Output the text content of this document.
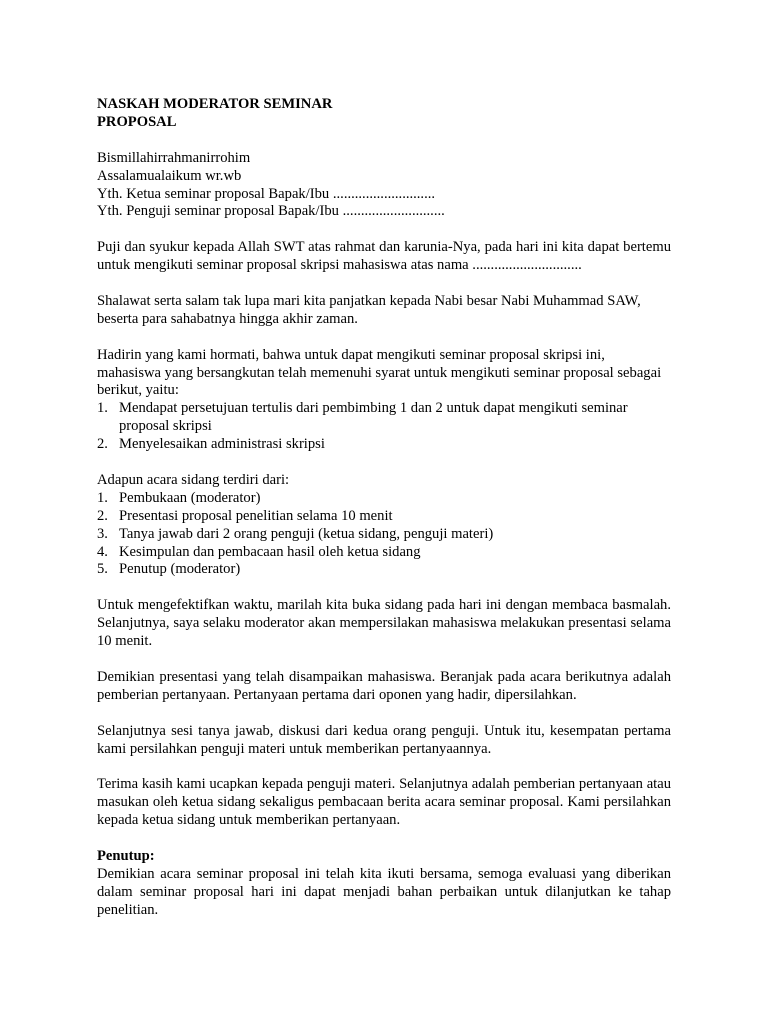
NASKAH MODERATOR SEMINAR

PROPOSAL

Bismillahirrahmanirrohim

Assalamualaikum wr.wb

Yth. Ketua seminar proposal Bapak/Ibu ............................

Yth. Penguji seminar proposal Bapak/Ibu ............................

Puji dan syukur kepada Allah SWT atas rahmat dan karunia-Nya, pada hari ini kita dapat bertemu untuk mengikuti seminar proposal skripsi mahasiswa atas nama ..............................

Shalawat serta salam tak lupa mari kita panjatkan kepada Nabi besar Nabi Muhammad SAW, beserta para sahabatnya hingga akhir zaman.

Hadirin yang kami hormati, bahwa untuk dapat mengikuti seminar proposal skripsi ini, mahasiswa yang bersangkutan telah memenuhi syarat untuk mengikuti seminar proposal sebagai berikut, yaitu:

1. Mendapat persetujuan tertulis dari pembimbing 1 dan 2 untuk dapat mengikuti seminar proposal skripsi
2. Menyelesaikan administrasi skripsi

Adapun acara sidang terdiri dari:

1. Pembukaan (moderator)
2. Presentasi proposal penelitian selama 10 menit
3. Tanya jawab dari 2 orang penguji (ketua sidang, penguji materi)
4. Kesimpulan dan pembacaan hasil oleh ketua sidang
5. Penutup (moderator)

Untuk mengefektifkan waktu, marilah kita buka sidang pada hari ini dengan membaca basmalah. Selanjutnya, saya selaku moderator akan mempersilakan mahasiswa melakukan presentasi selama 10 menit.

Demikian presentasi yang telah disampaikan mahasiswa. Beranjak pada acara berikutnya adalah pemberian pertanyaan. Pertanyaan pertama dari oponen yang hadir, dipersilahkan.

Selanjutnya sesi tanya jawab, diskusi dari kedua orang penguji. Untuk itu, kesempatan pertama kami persilahkan penguji materi untuk memberikan pertanyaannya.

Terima kasih kami ucapkan kepada penguji materi. Selanjutnya adalah pemberian pertanyaan atau masukan oleh ketua sidang sekaligus pembacaan berita acara seminar proposal. Kami persilahkan kepada ketua sidang untuk memberikan pertanyaan.

Penutup:

Demikian acara seminar proposal ini telah kita ikuti bersama, semoga evaluasi yang diberikan dalam seminar proposal hari ini dapat menjadi bahan perbaikan untuk dilanjutkan ke tahap penelitian.
